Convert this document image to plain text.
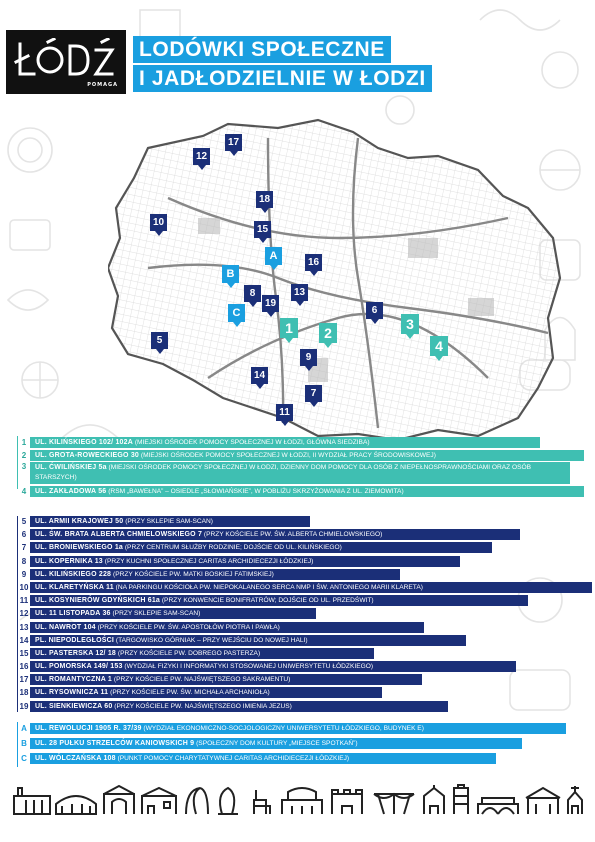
POMAGA
LODÓWKI SPOŁECZNE
I JADŁODZIELNIE W ŁODZI
12
17
18
10
15
A
16
B
8
19
13
C	6
1	2
3
4
5
9
14
7
11
1	UL. KILIŃSKIEGO 102/ 102A (MIEJSKI OŚRODEK POMOCY SPOŁECZNEJ W ŁODZI, GŁÓWNA SIEDZIBA)
2	UL. GROTA-ROWECKIEGO 30 (MIEJSKI OŚRODEK POMOCY SPOŁECZNEJ W ŁODZI, II WYDZIAŁ PRACY ŚRODOWISKOWEJ)
3	UL. ĆWILIŃSKIEJ 5a (MIEJSKI OŚRODEK POMOCY SPOŁECZNEJ W ŁODZI, DZIENNY DOM POMOCY DLA OSÓB Z NIEPEŁNOSPRAWNOŚCIAMI ORAZ OSÓB STARSZYCH)
4	UL. ZAKŁADOWA 56 (RSM „BAWEŁNA” – OSIEDLE „SŁOWIAŃSKIE”, W POBLIŻU SKRZYŻOWANIA Z UL. ZIEMOWITA)
5	UL. ARMII KRAJOWEJ 50 (PRZY SKLEPIE SAM-SCAN)
6	UL. ŚW. BRATA ALBERTA CHMIELOWSKIEGO 7 (PRZY KOŚCIELE PW. ŚW. ALBERTA CHMIELOWSKIEGO)
7	UL. BRONIEWSKIEGO 1a (PRZY CENTRUM SŁUŻBY RODZINIE; DOJŚCIE OD UL. KILIŃSKIEGO)
8	UL. KOPERNIKA 13 (PRZY KUCHNI SPOŁECZNEJ CARITAS ARCHIDIECEZJI ŁÓDZKIEJ)
9	UL. KILIŃSKIEGO 228 (PRZY KOŚCIELE PW. MATKI BOSKIEJ FATIMSKIEJ)
10 UL. KLARETYŃSKA 11 (NA PARKINGU KOŚCIOŁA PW. NIEPOKALANEGO SERCA NMP I ŚW. ANTONIEGO MARII KLARETA)
11 UL. KOSYNIERÓW GDYŃSKICH 61a (PRZY KONWENCIE BONIFRATRÓW; DOJŚCIE OD UL. PRZEDŚWIT)
12 UL. 11 LISTOPADA 36 (PRZY SKLEPIE SAM-SCAN)
13 UL. NAWROT 104 (PRZY KOŚCIELE PW. ŚW. APOSTOŁÓW PIOTRA I PAWŁA)
14 PL. NIEPODLEGŁOŚCI (TARGOWISKO GÓRNIAK – PRZY WEJŚCIU DO NOWEJ HALI)
15 UL. PASTERSKA 12/ 18 (PRZY KOŚCIELE PW. DOBREGO PASTERZA)
16 UL. POMORSKA 149/ 153 (WYDZIAŁ FIZYKI I INFORMATYKI STOSOWANEJ UNIWERSYTETU ŁÓDZKIEGO)
17 UL. ROMANTYCZNA 1 (PRZY KOŚCIELE PW. NAJŚWIĘTSZEGO SAKRAMENTU)
18 UL. RYSOWNICZA 11 (PRZY KOŚCIELE PW. ŚW. MICHAŁA ARCHANIOŁA)
19 UL. SIENKIEWICZA 60 (PRZY KOŚCIELE PW. NAJŚWIĘTSZEGO IMIENIA JEZUS)
A	UL. REWOLUCJI 1905 R. 37/39 (WYDZIAŁ EKONOMICZNO-SOCJOLOGICZNY UNIWERSYTETU ŁÓDZKIEGO, BUDYNEK E)
B	UL. 28 PUŁKU STRZELCÓW KANIOWSKICH 9 (SPOŁECZNY DOM KULTURY „MIEJSCE SPOTKAŃ”)
C	UL. WÓLCZAŃSKA 108 (PUNKT POMOCY CHARYTATYWNEJ CARITAS ARCHIDIECEZJI ŁÓDZKIEJ)
